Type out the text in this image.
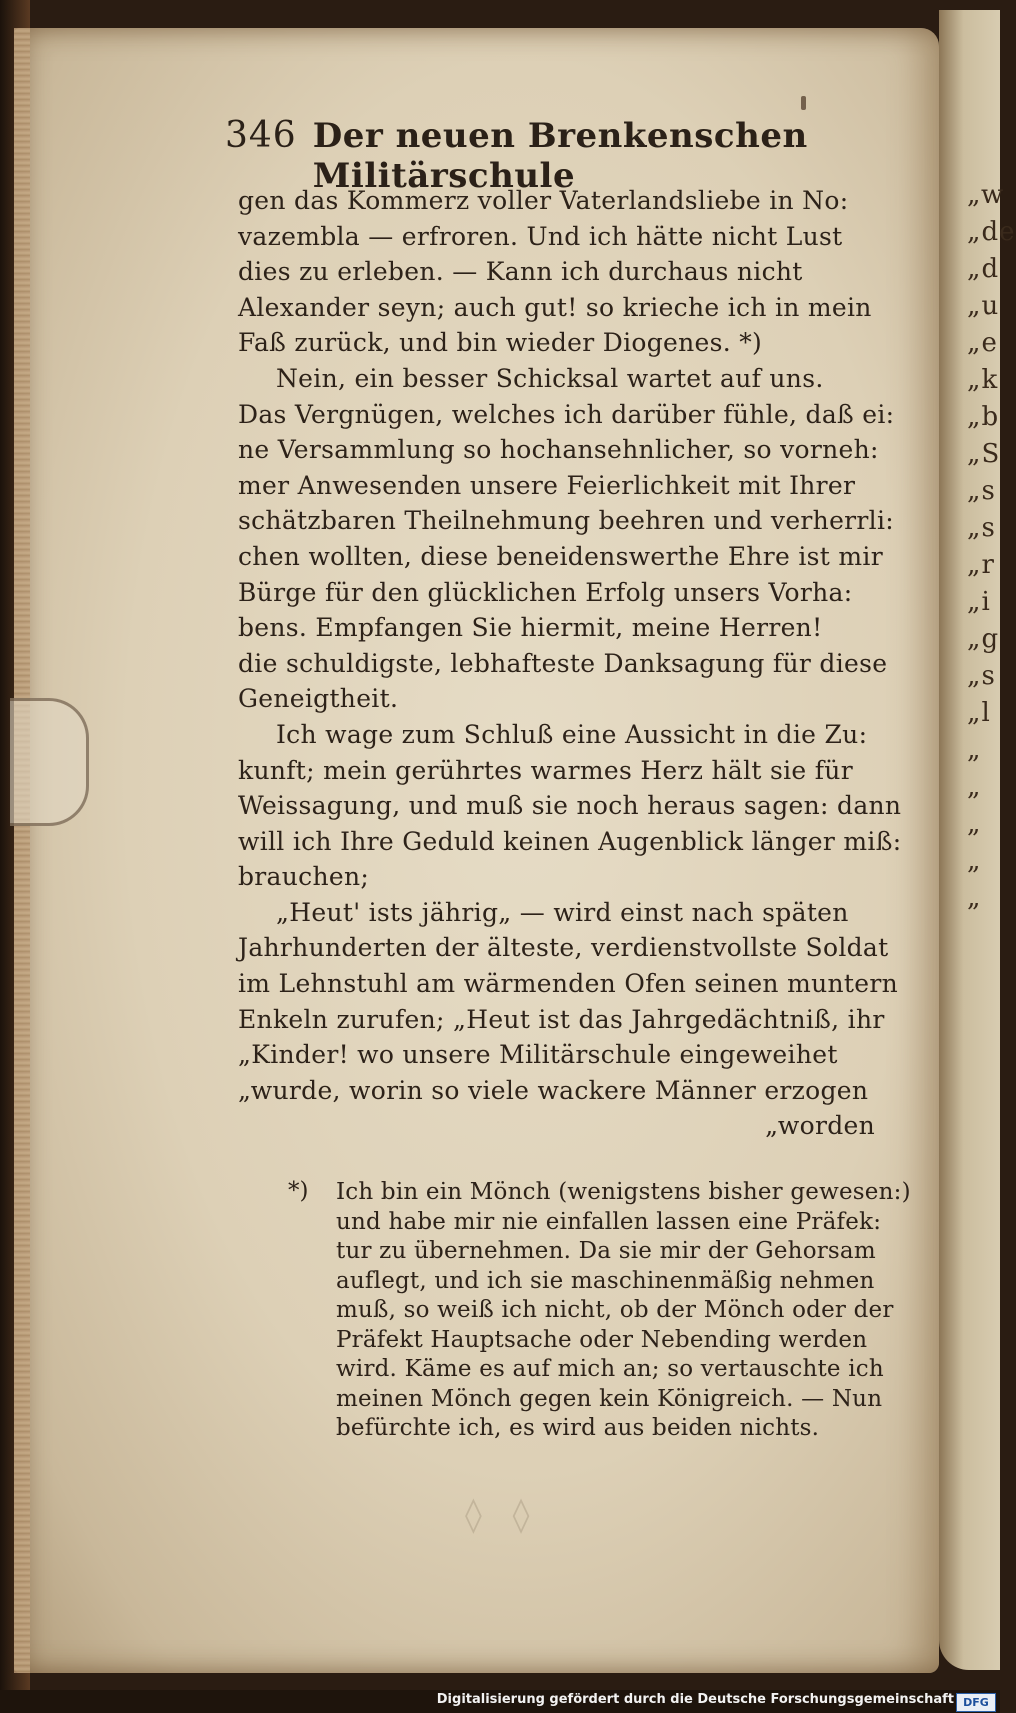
„w
„de
„d
„u
„e
„k
„b
„S
„s
„s
„r
„i
„g
„s
„l
„
„
„
„
„
346 Der neuen Brenkenschen Militärschule
gen das Kommerz voller Vaterlandsliebe in No:
vazembla — erfroren. Und ich hätte nicht Lust
dies zu erleben. — Kann ich durchaus nicht
Alexander seyn; auch gut! so krieche ich in mein
Faß zurück, und bin wieder Diogenes. *)
Nein, ein besser Schicksal wartet auf uns.
Das Vergnügen, welches ich darüber fühle, daß ei:
ne Versammlung so hochansehnlicher, so vorneh:
mer Anwesenden unsere Feierlichkeit mit Ihrer
schätzbaren Theilnehmung beehren und verherrli:
chen wollten, diese beneidenswerthe Ehre ist mir
Bürge für den glücklichen Erfolg unsers Vorha:
bens. Empfangen Sie hiermit, meine Herren!
die schuldigste, lebhafteste Danksagung für diese
Geneigtheit.
Ich wage zum Schluß eine Aussicht in die Zu:
kunft; mein gerührtes warmes Herz hält sie für
Weissagung, und muß sie noch heraus sagen: dann
will ich Ihre Geduld keinen Augenblick länger miß:
brauchen;
„Heut' ists jährig„ — wird einst nach späten
Jahrhunderten der älteste, verdienstvollste Soldat
im Lehnstuhl am wärmenden Ofen seinen muntern
Enkeln zurufen; „Heut ist das Jahrgedächtniß, ihr
„Kinder! wo unsere Militärschule eingeweihet
„wurde, worin so viele wackere Männer erzogen
„worden
*)	Ich bin ein Mönch (wenigstens bisher gewesen:)
und habe mir nie einfallen lassen eine Präfek:
tur zu übernehmen. Da sie mir der Gehorsam
auflegt, und ich sie maschinenmäßig nehmen
muß, so weiß ich nicht, ob der Mönch oder der
Präfekt Hauptsache oder Nebending werden
wird. Käme es auf mich an; so vertauschte ich
meinen Mönch gegen kein Königreich. — Nun
befürchte ich, es wird aus beiden nichts.
◊ ◊
Digitalisierung gefördert durch die Deutsche Forschungsgemeinschaft DFG
